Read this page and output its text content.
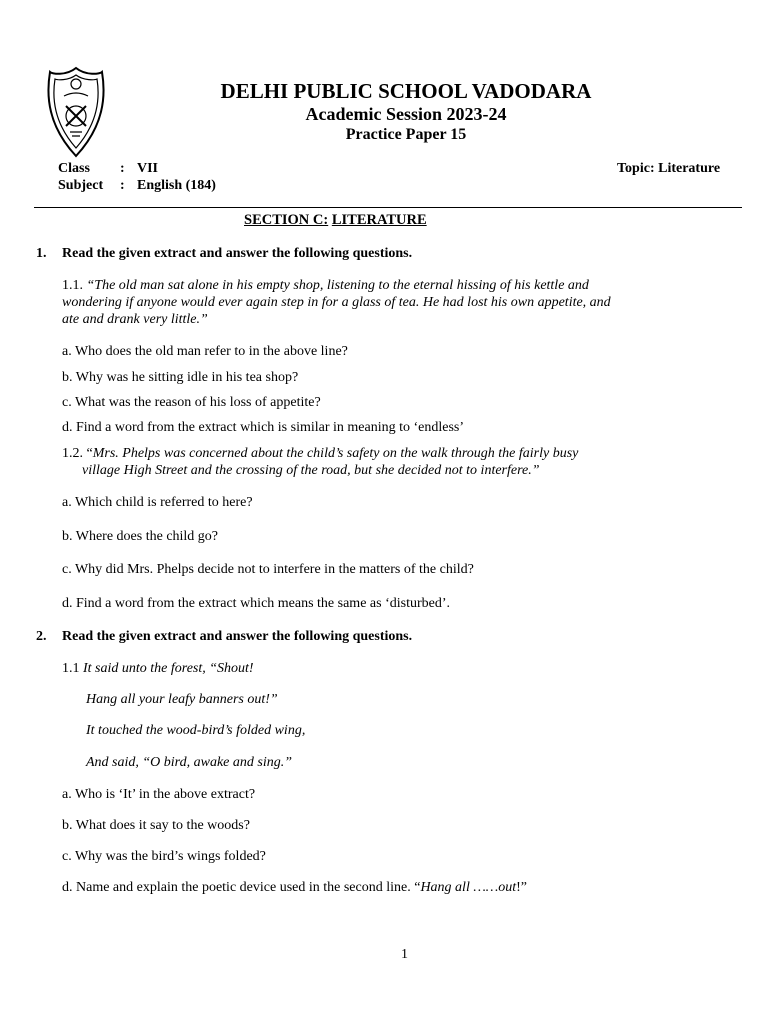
DELHI PUBLIC SCHOOL VADODARA
Academic Session 2023-24
Practice Paper 15
Class : VII
Subject : English (184)
Topic: Literature
SECTION C: LITERATURE
1. Read the given extract and answer the following questions.
1.1. “The old man sat alone in his empty shop, listening to the eternal hissing of his kettle and
wondering if anyone would ever again step in for a glass of tea. He had lost his own appetite, and
ate and drank very little.”
a. Who does the old man refer to in the above line?
b. Why was he sitting idle in his tea shop?
c. What was the reason of his loss of appetite?
d. Find a word from the extract which is similar in meaning to ‘endless’
1.2. “Mrs. Phelps was concerned about the child’s safety on the walk through the fairly busy
village High Street and the crossing of the road, but she decided not to interfere.”
a. Which child is referred to here?
b. Where does the child go?
c. Why did Mrs. Phelps decide not to interfere in the matters of the child?
d. Find a word from the extract which means the same as ‘disturbed’.
2. Read the given extract and answer the following questions.
1.1 It said unto the forest, “Shout!
Hang all your leafy banners out!”
It touched the wood-bird’s folded wing,
And said, “O bird, awake and sing.”
a. Who is ‘It’ in the above extract?
b. What does it say to the woods?
c. Why was the bird’s wings folded?
d. Name and explain the poetic device used in the second line. “Hang all ……out!”
1
